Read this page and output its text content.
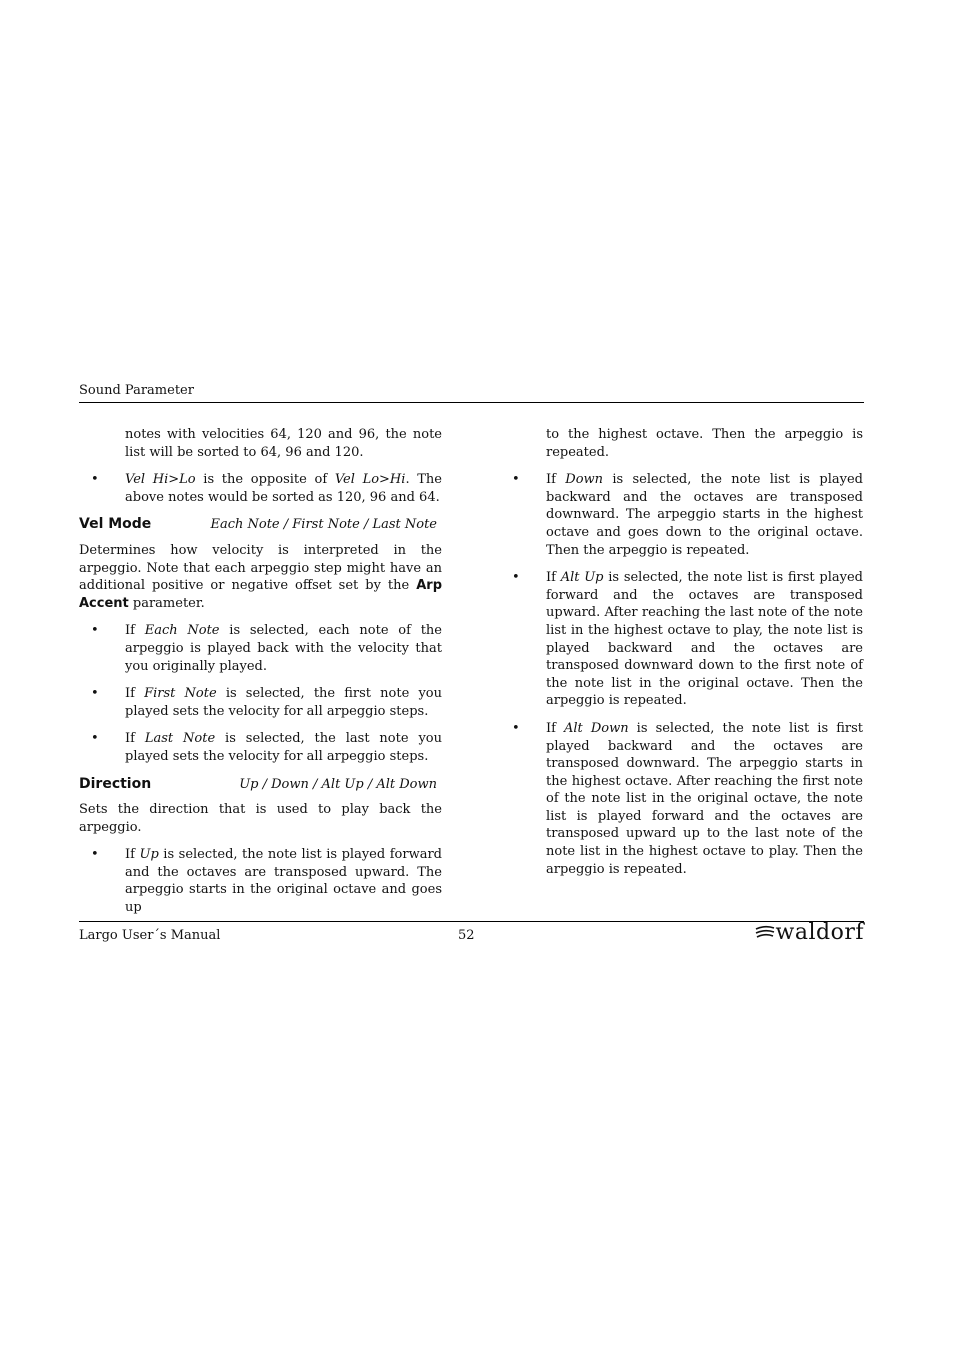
Sound Parameter

notes with velocities 64, 120 and 96, the note list will be sorted to 64, 96 and 120.

• Vel Hi>Lo is the opposite of Vel Lo>Hi. The above notes would be sorted as 120, 96 and 64.
Vel Mode	Each Note / First Note / Last Note

Determines how velocity is interpreted in the arpeggio. Note that each arpeggio step might have an additional positive or negative offset set by the Arp Accent parameter.

• If Each Note is selected, each note of the arpeggio is played back with the velocity that you originally played.
• If First Note is selected, the first note you played sets the velocity for all arpeggio steps.
• If Last Note is selected, the last note you played sets the velocity for all arpeggio steps.
Direction	Up / Down / Alt Up / Alt Down

Sets the direction that is used to play back the arpeggio.

• If Up is selected, the note list is played forward and the octaves are transposed upward. The arpeggio starts in the original octave and goes up

to the highest octave. Then the arpeggio is repeated.

• If Down is selected, the note list is played backward and the octaves are transposed downward. The arpeggio starts in the highest octave and goes down to the original octave. Then the arpeggio is repeated.
• If Alt Up is selected, the note list is first played forward and the octaves are transposed upward. After reaching the last note of the note list in the highest octave to play, the note list is played backward and the octaves are transposed downward down to the first note of the note list in the original octave. Then the arpeggio is repeated.
• If Alt Down is selected, the note list is first played backward and the octaves are transposed downward. The arpeggio starts in the highest octave. After reaching the first note of the note list in the original octave, the note list is played forward and the octaves are transposed upward up to the last note of the note list in the highest octave to play. Then the arpeggio is repeated.
Largo User´s Manual	52	waldorf
